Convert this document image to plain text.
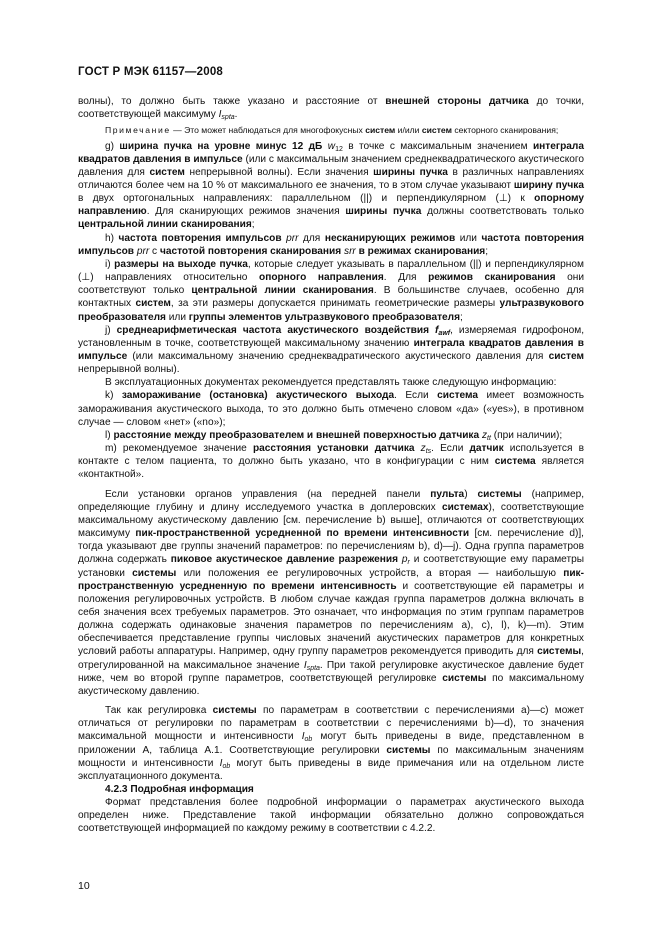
ГОСТ Р МЭК 61157—2008

волны), то должно быть также указано и расстояние от внешней стороны датчика до точки, соответствующей максимуму $I_{spta}$.

Примечание — Это может наблюдаться для многофокусных систем и/или систем секторного сканирования;

g) ширина пучка на уровне минус 12 дБ $w_{12}$ в точке с максимальным значением интеграла квадратов давления в импульсе (или с максимальным значением среднеквадратического акустического давления для систем непрерывной волны). Если значения ширины пучка в различных направлениях отличаются более чем на 10 % от максимального ее значения, то в этом случае указывают ширину пучка в двух ортогональных направлениях: параллельном (||) и перпендикулярном (⊥) к опорному направлению. Для сканирующих режимов значения ширины пучка должны соответствовать только центральной линии сканирования;

h) частота повторения импульсов prr для несканирующих режимов или частота повторения импульсов prr с частотой повторения сканирования srr в режимах сканирования;

i) размеры на выходе пучка, которые следует указывать в параллельном (||) и перпендикулярном (⊥) направлениях относительно опорного направления. Для режимов сканирования они соответствуют только центральной линии сканирования. В большинстве случаев, особенно для контактных систем, за эти размеры допускается принимать геометрические размеры ультразвукового преобразователя или группы элементов ультразвукового преобразователя;

j) среднеарифметическая частота акустического воздействия $f_{awf}$, измеряемая гидрофоном, установленным в точке, соответствующей максимальному значению интеграла квадратов давления в импульсе (или максимальному значению среднеквадратического акустического давления для систем непрерывной волны).

В эксплуатационных документах рекомендуется представлять также следующую информацию:

k) замораживание (остановка) акустического выхода. Если система имеет возможность замораживания акустического выхода, то это должно быть отмечено словом «да» («yes»), в противном случае — словом «нет» («no»);

l) расстояние между преобразователем и внешней поверхностью датчика $z_{tt}$ (при наличии);

m) рекомендуемое значение расстояния установки датчика $z_{ts}$. Если датчик используется в контакте с телом пациента, то должно быть указано, что в конфигурации с ним система является «контактной».

Если установки органов управления (на передней панели пульта) системы (например, определяющие глубину и длину исследуемого участка в доплеровских системах), соответствующие максимальному акустическому давлению [см. перечисление b) выше], отличаются от соответствующих максимуму пик-пространственной усредненной по времени интенсивности [см. перечисление d)], тогда указывают две группы значений параметров: по перечислениям b), d)—j). Одна группа параметров должна содержать пиковое акустическое давление разрежения $p_r$ и соответствующие ему параметры установки системы или положения ее регулировочных устройств, а вторая — наибольшую пик-пространственную усредненную по времени интенсивность и соответствующие ей параметры и положения регулировочных устройств. В любом случае каждая группа параметров должна включать в себя значения всех требуемых параметров. Это означает, что информация по этим группам параметров должна содержать одинаковые значения параметров по перечислениям a), c), l), k)—m). Этим обеспечивается представление группы числовых значений акустических параметров для конкретных условий работы аппаратуры. Например, одну группу параметров рекомендуется приводить для системы, отрегулированной на максимальное значение $I_{spta}$. При такой регулировке акустическое давление будет ниже, чем во второй группе параметров, соответствующей регулировке системы по максимальному акустическому давлению.

Так как регулировка системы по параметрам в соответствии с перечислениями a)—c) может отличаться от регулировки по параметрам в соответствии с перечислениями b)—d), то значения максимальной мощности и интенсивности $I_{ob}$ могут быть приведены в виде, представленном в приложении А, таблица А.1. Соответствующие регулировки системы по максимальным значениям мощности и интенсивности $I_{ob}$ могут быть приведены в виде примечания или на отдельном листе эксплуатационного документа.

4.2.3 Подробная информация

Формат представления более подробной информации о параметрах акустического выхода определен ниже. Представление такой информации обязательно должно сопровождаться соответствующей информацией по каждому режиму в соответствии с 4.2.2.

10
